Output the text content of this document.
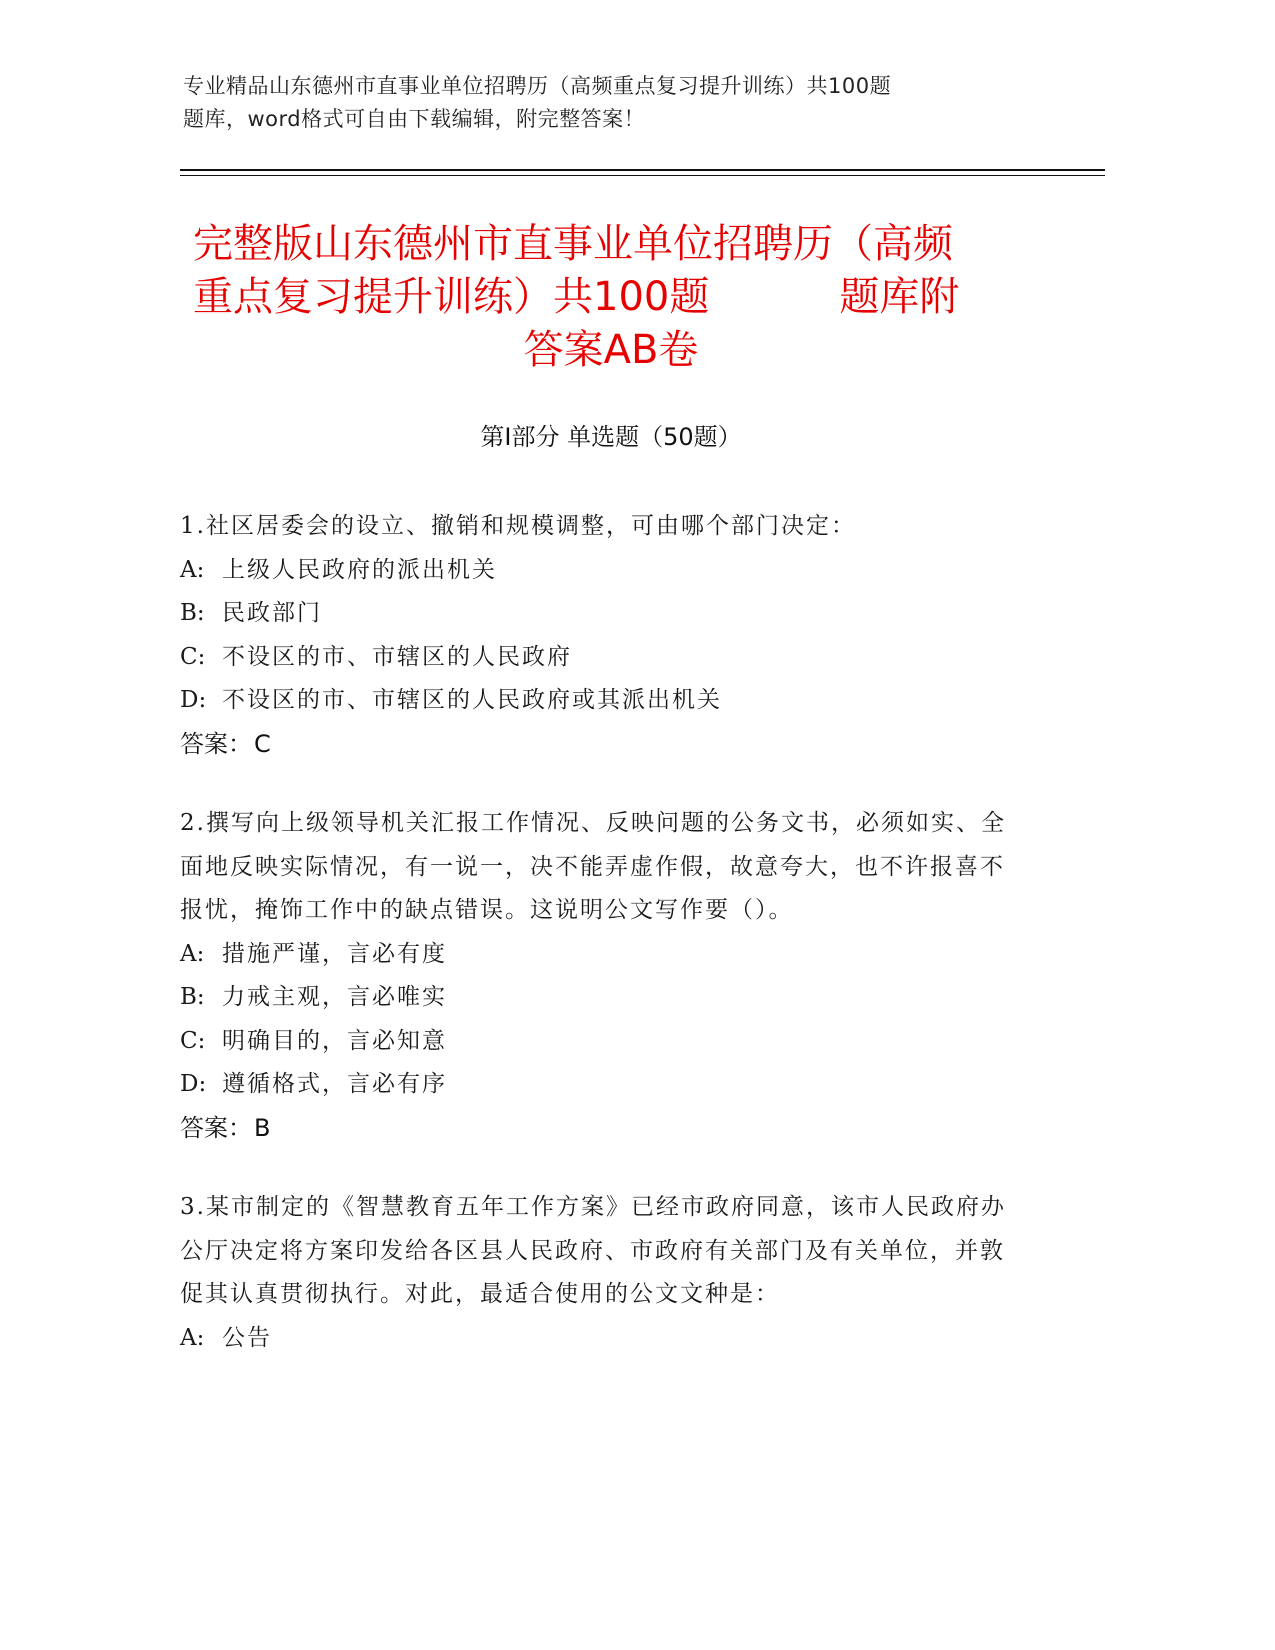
专业精品山东德州市直事业单位招聘历（高频重点复习提升训练）共100题
题库，word格式可自由下载编辑，附完整答案！
完整版山东德州市直事业单位招聘历（高频
重点复习提升训练）共100题	题库附
答案AB卷
第Ⅰ部分 单选题（50题）
1.社区居委会的设立、撤销和规模调整，可由哪个部门决定：
A: 上级人民政府的派出机关
B: 民政部门
C: 不设区的市、市辖区的人民政府
D: 不设区的市、市辖区的人民政府或其派出机关
答案：C
2.撰写向上级领导机关汇报工作情况、反映问题的公务文书，必须如实、全面地反映实际情况，有一说一，决不能弄虚作假，故意夸大，也不许报喜不报忧，掩饰工作中的缺点错误。这说明公文写作要（）。
A: 措施严谨，言必有度
B: 力戒主观，言必唯实
C: 明确目的，言必知意
D: 遵循格式，言必有序
答案：B
3.某市制定的《智慧教育五年工作方案》已经市政府同意，该市人民政府办公厅决定将方案印发给各区县人民政府、市政府有关部门及有关单位，并敦促其认真贯彻执行。对此，最适合使用的公文文种是：
A: 公告
